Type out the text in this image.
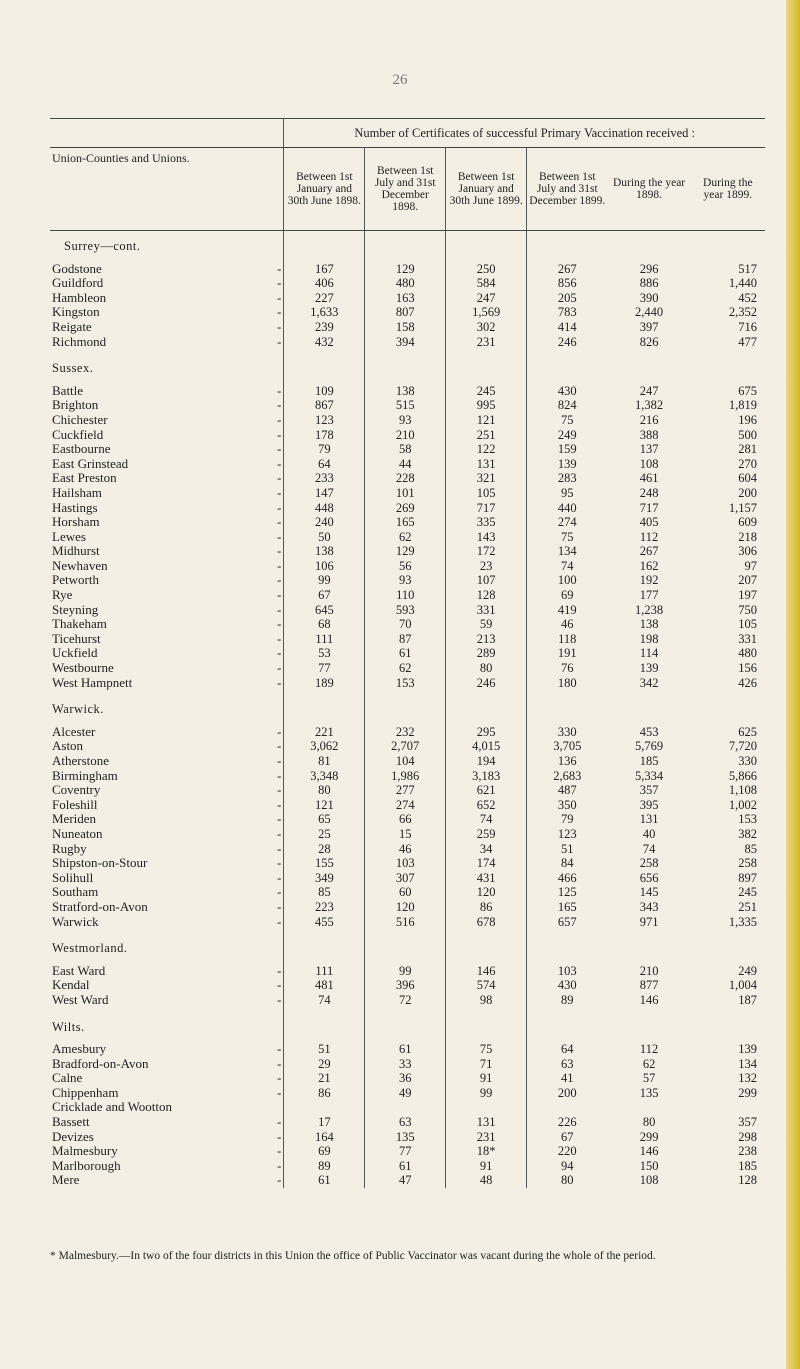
26
	Number of Certificates of successful Primary Vaccination received :					
Union-Counties and Unions.	Between 1st January and 30th June 1898.	Between 1st July and 31st December 1898.	Between 1st January and 30th June 1899.	Between 1st July and 31st December 1899.	During the year 1898.	During the year 1899.

Surrey—cont.						

Godstone -	167	129	250	267	296	517
Guildford -	406	480	584	856	886	1,440
Hambleon -	227	163	247	205	390	452
Kingston -	1,633	807	1,569	783	2,440	2,352
Reigate -	239	158	302	414	397	716
Richmond -	432	394	231	246	826	477

Sussex.						

Battle -	109	138	245	430	247	675
Brighton -	867	515	995	824	1,382	1,819
Chichester -	123	93	121	75	216	196
Cuckfield -	178	210	251	249	388	500
Eastbourne -	79	58	122	159	137	281
East Grinstead -	64	44	131	139	108	270
East Preston -	233	228	321	283	461	604
Hailsham -	147	101	105	95	248	200
Hastings -	448	269	717	440	717	1,157
Horsham -	240	165	335	274	405	609
Lewes -	50	62	143	75	112	218
Midhurst -	138	129	172	134	267	306
Newhaven -	106	56	23	74	162	97
Petworth -	99	93	107	100	192	207
Rye -	67	110	128	69	177	197
Steyning -	645	593	331	419	1,238	750
Thakeham -	68	70	59	46	138	105
Ticehurst -	111	87	213	118	198	331
Uckfield -	53	61	289	191	114	480
Westbourne -	77	62	80	76	139	156
West Hampnett -	189	153	246	180	342	426

Warwick.						

Alcester -	221	232	295	330	453	625
Aston -	3,062	2,707	4,015	3,705	5,769	7,720
Atherstone -	81	104	194	136	185	330
Birmingham -	3,348	1,986	3,183	2,683	5,334	5,866
Coventry -	80	277	621	487	357	1,108
Foleshill -	121	274	652	350	395	1,002
Meriden -	65	66	74	79	131	153
Nuneaton -	25	15	259	123	40	382
Rugby -	28	46	34	51	74	85
Shipston-on-Stour -	155	103	174	84	258	258
Solihull -	349	307	431	466	656	897
Southam -	85	60	120	125	145	245
Stratford-on-Avon -	223	120	86	165	343	251
Warwick -	455	516	678	657	971	1,335

Westmorland.						

East Ward -	111	99	146	103	210	249
Kendal -	481	396	574	430	877	1,004
West Ward -	74	72	98	89	146	187

Wilts.						

Amesbury -	51	61	75	64	112	139
Bradford-on-Avon -	29	33	71	63	62	134
Calne -	21	36	91	41	57	132
Chippenham -	86	49	99	200	135	299
Cricklade and Wootton						
Bassett -	17	63	131	226	80	357
Devizes -	164	135	231	67	299	298
Malmesbury -	69	77	18*	220	146	238
Marlborough -	89	61	91	94	150	185
Mere -	61	47	48	80	108	128
* Malmesbury.—In two of the four districts in this Union the office of Public Vaccinator was vacant during the whole of the period.
